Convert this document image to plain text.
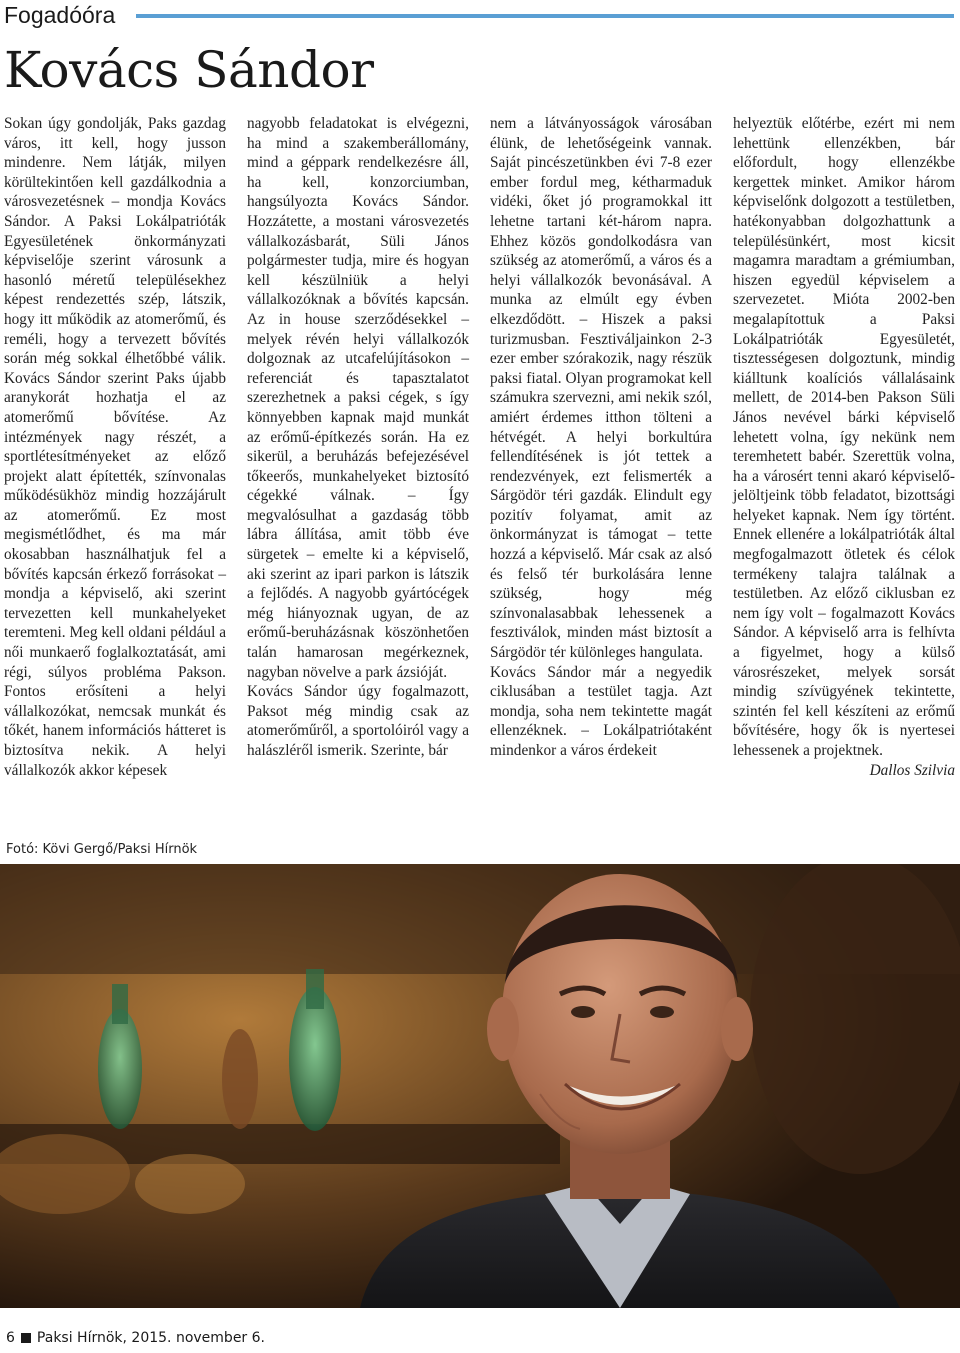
Fogadóóra
Kovács Sándor

Sokan úgy gondolják, Paks gazdag város, itt kell, hogy jusson mindenre. Nem látják, milyen körültekintően kell gazdálkodnia a városvezetésnek – mondja Kovács Sándor. A Paksi Lokálpatrióták Egyesületének önkormányzati képviselője szerint városunk a hasonló méretű településekhez képest rendezettés szép, látszik, hogy itt működik az atomerőmű, és reméli, hogy a tervezett bővítés során még sokkal élhetőbbé válik. Kovács Sándor szerint Paks újabb aranykorát hozhatja el az atomerőmű bővítése. Az intézmények nagy részét, a sportlétesítményeket az előző projekt alatt építették, színvonalas működésükhöz mindig hozzájárult az atomerőmű. Ez most megismétlődhet, és ma már okosabban használhatjuk fel a bővítés kapcsán érkező forrásokat – mondja a képviselő, aki szerint tervezetten kell munkahelyeket teremteni. Meg kell oldani például a női munkaerő foglalkoztatását, ami régi, súlyos probléma Pakson. Fontos erősíteni a helyi vállalkozókat, nemcsak munkát és tőkét, hanem információs hátteret is biztosítva nekik. A helyi vállalkozók akkor képesek

nagyobb feladatokat is elvégezni, ha mind a szakemberállomány, mind a géppark rendelkezésre áll, ha kell, konzorciumban, hangsúlyozta Kovács Sándor. Hozzátette, a mostani városvezetés vállalkozásbarát, Süli János polgármester tudja, mire és hogyan kell készülniük a helyi vállalkozóknak a bővítés kapcsán. Az in house szerződésekkel – melyek révén helyi vállalkozók dolgoznak az utcafelújításokon – referenciát és tapasztalatot szerezhetnek a paksi cégek, s így könnyebben kapnak majd munkát az erőmű-építkezés során. Ha ez sikerül, a beruházás befejezésével tőkeerős, munkahelyeket biztosító cégekké válnak. – Így megvalósulhat a gazdaság több lábra állítása, amit több éve sürgetek – emelte ki a képviselő, aki szerint az ipari parkon is látszik a fejlődés. A nagyobb gyártócégek még hiányoznak ugyan, de az erőmű-beruházásnak köszönhetően talán hamarosan megérkeznek, nagyban növelve a park ázsióját.

Kovács Sándor úgy fogalmazott, Paksot még mindig csak az atomerőműről, a sportolóiról vagy a halászléről ismerik. Szerinte, bár

nem a látványosságok városában élünk, de lehetőségeink vannak. Saját pincészetünkben évi 7-8 ezer ember fordul meg, kétharmaduk vidéki, őket jó programokkal itt lehetne tartani két-három napra. Ehhez közös gondolkodásra van szükség az atomerőmű, a város és a helyi vállalkozók bevonásával. A munka az elmúlt egy évben elkezdődött. – Hiszek a paksi turizmusban. Fesztiváljainkon 2-3 ezer ember szórakozik, nagy részük paksi fiatal. Olyan programokat kell számukra szervezni, ami nekik szól, amiért érdemes itthon tölteni a hétvégét. A helyi borkultúra fellendítésének is jót tettek a rendezvények, ezt felismerték a Sárgödör téri gazdák. Elindult egy pozitív folyamat, amit az önkormányzat is támogat – tette hozzá a képviselő. Már csak az alsó és felső tér burkolására lenne szükség, hogy még színvonalasabbak lehessenek a fesztiválok, minden mást biztosít a Sárgödör tér különleges hangulata.

Kovács Sándor már a negyedik ciklusában a testület tagja. Azt mondja, soha nem tekintette magát ellenzéknek. – Lokálpatriótaként mindenkor a város érdekeit

helyeztük előtérbe, ezért mi nem lehettünk ellenzékben, bár előfordult, hogy ellenzékbe kergettek minket. Amikor három képviselőnk dolgozott a testületben, hatékonyabban dolgozhattunk a településünkért, most kicsit magamra maradtam a grémiumban, hiszen egyedül képviselem a szervezetet. Mióta 2002-ben megalapítottuk a Paksi Lokálpatrióták Egyesületét, tisztességesen dolgoztunk, mindig kiálltunk koalíciós vállalásaink mellett, de 2014-ben Pakson Süli János nevével bárki képviselő lehetett volna, így nekünk nem teremhetett babér. Szerettük volna, ha a városért tenni akaró képviselő-jelöltjeink több feladatot, bizottsági helyeket kapnak. Nem így történt. Ennek ellenére a lokálpatrióták által megfogalmazott ötletek és célok termékeny talajra találnak a testületben. Az előző ciklusban ez nem így volt – fogalmazott Kovács Sándor. A képviselő arra is felhívta a figyelmet, hogy a külső városrészeket, melyek sorsát mindig szívügyének tekintette, szintén fel kell készíteni az erőmű bővítésére, hogy ők is nyertesei lehessenek a projektnek.

Dallos Szilvia

Fotó: Kövi Gergő/Paksi Hírnök
6 Paksi Hírnök, 2015. november 6.
